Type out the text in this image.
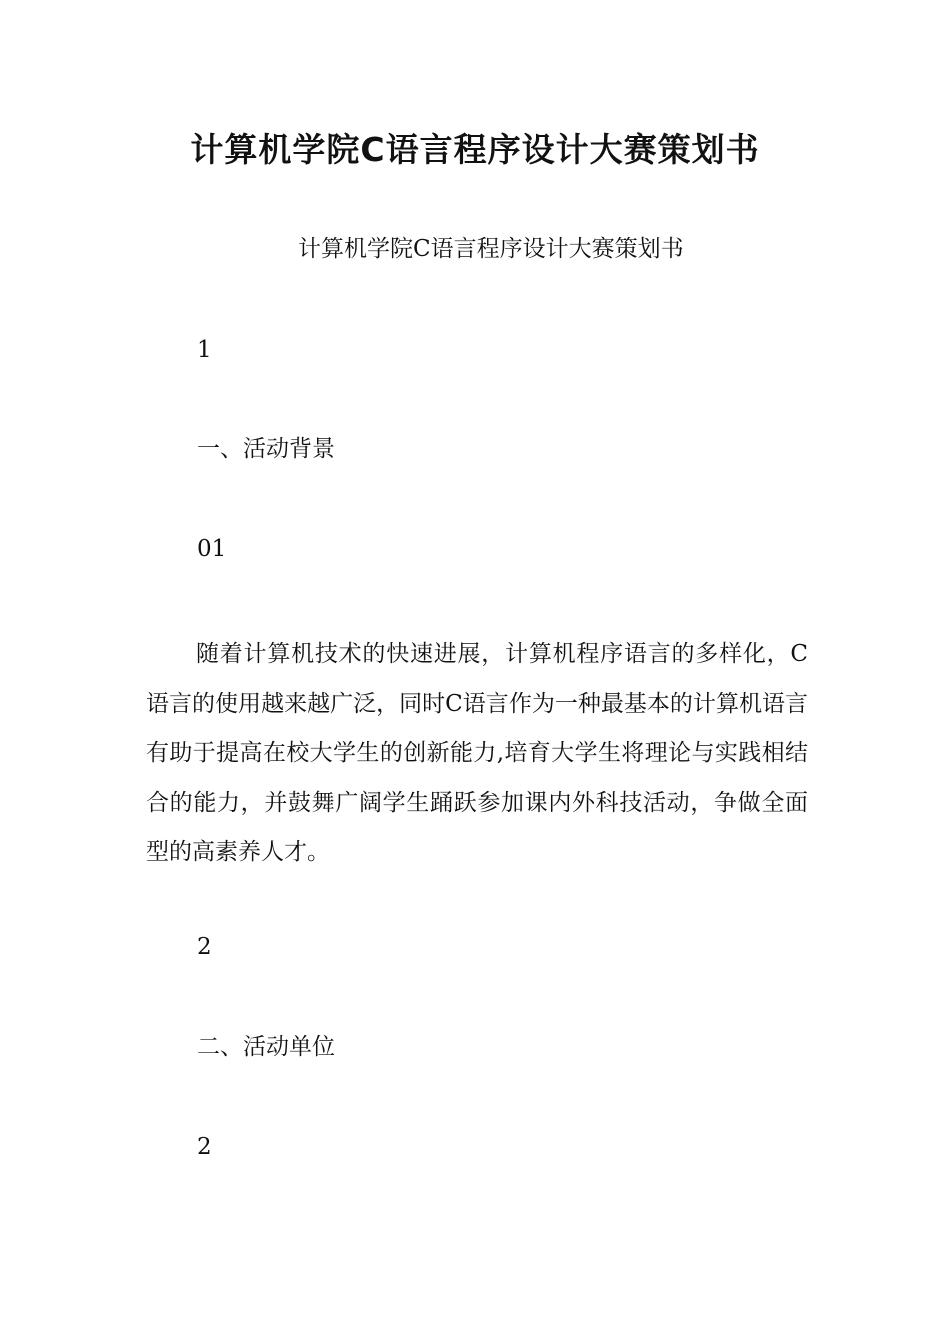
计算机学院C语言程序设计大赛策划书
计算机学院C语言程序设计大赛策划书
1
一、活动背景
01

随着计算机技术的快速进展，计算机程序语言的多样化，C语言的使用越来越广泛，同时C语言作为一种最基本的计算机语言有助于提高在校大学生的创新能力,培育大学生将理论与实践相结合的能力，并鼓舞广阔学生踊跃参加课内外科技活动，争做全面型的高素养人才。

2
二、活动单位
2
